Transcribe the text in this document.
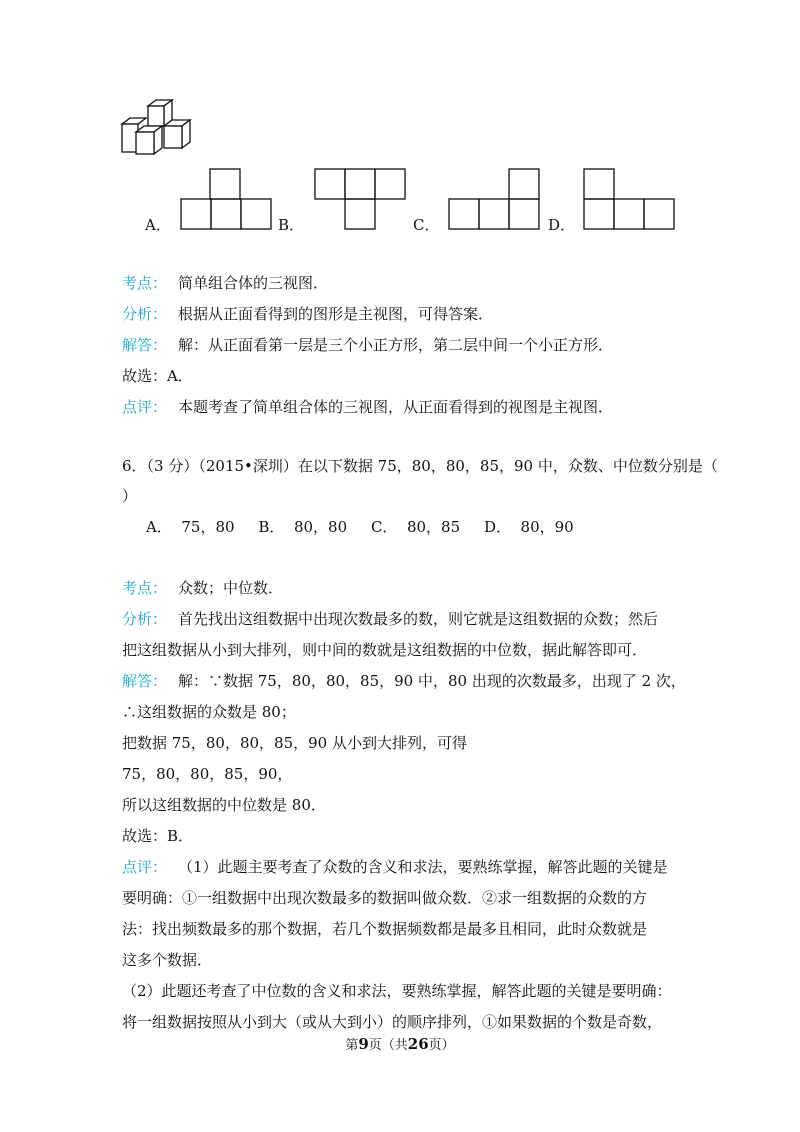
A．	B．	C．	D．
考点： 简单组合体的三视图．
分析： 根据从正面看得到的图形是主视图，可得答案．
解答： 解：从正面看第一层是三个小正方形，第二层中间一个小正方形．
故选：A．
点评： 本题考查了简单组合体的三视图，从正面看得到的视图是主视图．
6．（3 分）（2015•深圳）在以下数据 75，80，80，85，90 中，众数、中位数分别是（
）
A．  75，80     B．  80，80     C．  80，85     D．  80，90
考点： 众数；中位数．
分析： 首先找出这组数据中出现次数最多的数，则它就是这组数据的众数；然后
把这组数据从小到大排列，则中间的数就是这组数据的中位数，据此解答即可．
解答： 解：∵数据 75，80，80，85，90 中，80 出现的次数最多，出现了 2 次，
∴这组数据的众数是 80；
把数据 75，80，80，85，90 从小到大排列，可得
75，80，80，85，90，
所以这组数据的中位数是 80．
故选：B．
点评： （1）此题主要考查了众数的含义和求法，要熟练掌握，解答此题的关键是
要明确：①一组数据中出现次数最多的数据叫做众数．②求一组数据的众数的方
法：找出频数最多的那个数据，若几个数据频数都是最多且相同，此时众数就是
这多个数据．
（2）此题还考查了中位数的含义和求法，要熟练掌握，解答此题的关键是要明确：
将一组数据按照从小到大（或从大到小）的顺序排列，①如果数据的个数是奇数，
第9页（共26页）
